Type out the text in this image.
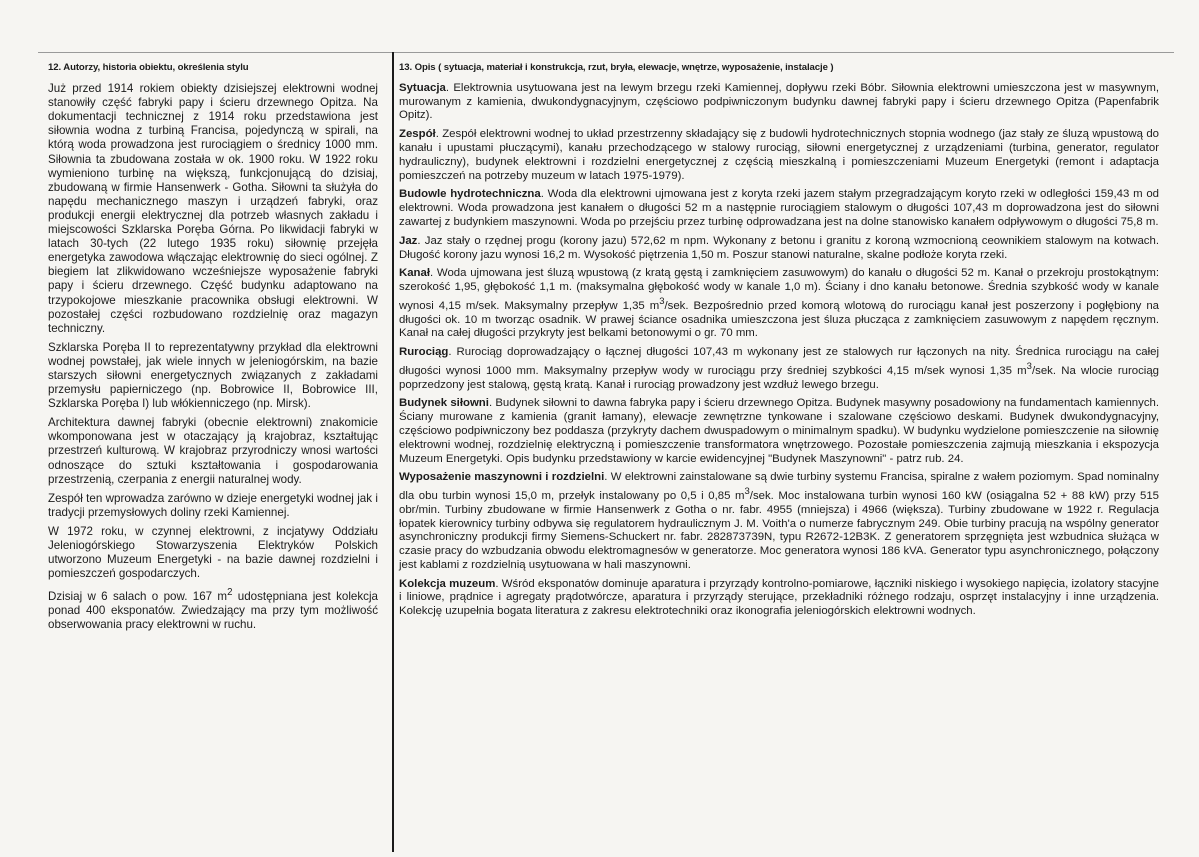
12. Autorzy, historia obiektu, określenia stylu

Już przed 1914 rokiem obiekty dzisiejszej elektrowni wodnej stanowiły część fabryki papy i ścieru drzewnego Opitza. Na dokumentacji technicznej z 1914 roku przedstawiona jest siłownia wodna z turbiną Francisa, pojedynczą w spirali, na którą woda prowadzona jest rurociągiem o średnicy 1000 mm. Siłownia ta zbudowana została w ok. 1900 roku. W 1922 roku wymieniono turbinę na większą, funkcjonującą do dzisiaj, zbudowaną w firmie Hansenwerk - Gotha. Siłowni ta służyła do napędu mechanicznego maszyn i urządzeń fabryki, oraz produkcji energii elektrycznej dla potrzeb własnych zakładu i miejscowości Szklarska Poręba Górna. Po likwidacji fabryki w latach 30-tych (22 lutego 1935 roku) siłownię przejęła energetyka zawodowa włączając elektrownię do sieci ogólnej. Z biegiem lat zlikwidowano wcześniejsze wyposażenie fabryki papy i ścieru drzewnego. Część budynku adaptowano na trzypokojowe mieszkanie pracownika obsługi elektrowni. W pozostałej części rozbudowano rozdzielnię oraz magazyn techniczny.

Szklarska Poręba II to reprezentatywny przykład dla elektrowni wodnej powstałej, jak wiele innych w jeleniogórskim, na bazie starszych siłowni energetycznych związanych z zakładami przemysłu papierniczego (np. Bobrowice II, Bobrowice III, Szklarska Poręba I) lub włókienniczego (np. Mirsk).

Architektura dawnej fabryki (obecnie elektrowni) znakomicie wkomponowana jest w otaczający ją krajobraz, kształtując przestrzeń kulturową. W krajobraz przyrodniczy wnosi wartości odnoszące do sztuki kształtowania i gospodarowania przestrzenią, czerpania z energii naturalnej wody.

Zespół ten wprowadza zarówno w dzieje energetyki wodnej jak i tradycji przemysłowych doliny rzeki Kamiennej.

W 1972 roku, w czynnej elektrowni, z incjatywy Oddziału Jeleniogórskiego Stowarzyszenia Elektryków Polskich utworzono Muzeum Energetyki - na bazie dawnej rozdzielni i pomieszczeń gospodarczych.

Dzisiaj w 6 salach o pow. 167 $m^2$ udostępniana jest kolekcja ponad 400 eksponatów. Zwiedzający ma przy tym możliwość obserwowania pracy elektrowni w ruchu.

13. Opis ( sytuacja, materiał i konstrukcja, rzut, bryła, elewacje, wnętrze, wyposażenie, instalacje )

Sytuacja. Elektrownia usytuowana jest na lewym brzegu rzeki Kamiennej, dopływu rzeki Bóbr. Siłownia elektrowni umieszczona jest w masywnym, murowanym z kamienia, dwukondygnacyjnym, częściowo podpiwniczonym budynku dawnej fabryki papy i ścieru drzewnego Opitza (Papenfabrik Opitz).

Zespół. Zespół elektrowni wodnej to układ przestrzenny składający się z budowli hydrotechnicznych stopnia wodnego (jaz stały ze śluzą wpustową do kanału i upustami płuczącymi), kanału przechodzącego w stalowy rurociąg, siłowni energetycznej z urządzeniami (turbina, generator, regulator hydrauliczny), budynek elektrowni i rozdzielni energetycznej z częścią mieszkalną i pomieszczeniami Muzeum Energetyki (remont i adaptacja pomieszczeń na potrzeby muzeum w latach 1975-1979).

Budowle hydrotechniczna. Woda dla elektrowni ujmowana jest z koryta rzeki jazem stałym przegradzającym koryto rzeki w odległości 159,43 m od elektrowni. Woda prowadzona jest kanałem o długości 52 m a następnie rurociągiem stalowym o długości 107,43 m doprowadzona jest do siłowni zawartej z budynkiem maszynowni. Woda po przejściu przez turbinę odprowadzana jest na dolne stanowisko kanałem odpływowym o długości 75,8 m.

Jaz. Jaz stały o rzędnej progu (korony jazu) 572,62 m npm. Wykonany z betonu i granitu z koroną wzmocnioną ceownikiem stalowym na kotwach. Długość korony jazu wynosi 16,2 m. Wysokość piętrzenia 1,50 m. Poszur stanowi naturalne, skalne podłoże koryta rzeki.

Kanał. Woda ujmowana jest śluzą wpustową (z kratą gęstą i zamknięciem zasuwowym) do kanału o długości 52 m. Kanał o przekroju prostokątnym: szerokość 1,95, głębokość 1,1 m. (maksymalna głębokość wody w kanale 1,0 m). Ściany i dno kanału betonowe. Średnia szybkość wody w kanale wynosi 4,15 m/sek. Maksymalny przepływ 1,35 $m^3$/sek. Bezpośrednio przed komorą wlotową do rurociągu kanał jest poszerzony i pogłębiony na długości ok. 10 m tworząc osadnik. W prawej ściance osadnika umieszczona jest śluza płucząca z zamknięciem zasuwowym z napędem ręcznym. Kanał na całej długości przykryty jest belkami betonowymi o gr. 70 mm.

Rurociąg. Rurociąg doprowadzający o łącznej długości 107,43 m wykonany jest ze stalowych rur łączonych na nity. Średnica rurociągu na całej długości wynosi 1000 mm. Maksymalny przepływ wody w rurociągu przy średniej szybkości 4,15 m/sek wynosi 1,35 $m^3$/sek. Na wlocie rurociąg poprzedzony jest stalową, gęstą kratą. Kanał i rurociąg prowadzony jest wzdłuż lewego brzegu.

Budynek siłowni. Budynek siłowni to dawna fabryka papy i ścieru drzewnego Opitza. Budynek masywny posadowiony na fundamentach kamiennych. Ściany murowane z kamienia (granit łamany), elewacje zewnętrzne tynkowane i szalowane częściowo deskami. Budynek dwukondygnacyjny, częściowo podpiwniczony bez poddasza (przykryty dachem dwuspadowym o minimalnym spadku). W budynku wydzielone pomieszczenie na siłownię elektrowni wodnej, rozdzielnię elektryczną i pomieszczenie transformatora wnętrzowego. Pozostałe pomieszczenia zajmują mieszkania i ekspozycja Muzeum Energetyki. Opis budynku przedstawiony w karcie ewidencyjnej "Budynek Maszynowni" - patrz rub. 24.

Wyposażenie maszynowni i rozdzielni. W elektrowni zainstalowane są dwie turbiny systemu Francisa, spiralne z wałem poziomym. Spad nominalny dla obu turbin wynosi 15,0 m, przełyk instalowany po 0,5 i 0,85 $m^3$/sek. Moc instalowana turbin wynosi 160 kW (osiągalna 52 + 88 kW) przy 515 obr/min. Turbiny zbudowane w firmie Hansenwerk z Gotha o nr. fabr. 4955 (mniejsza) i 4966 (większa). Turbiny zbudowane w 1922 r. Regulacja łopatek kierownicy turbiny odbywa się regulatorem hydraulicznym J. M. Voith'a o numerze fabrycznym 249. Obie turbiny pracują na wspólny generator asynchroniczny produkcji firmy Siemens-Schuckert nr. fabr. 282873739N, typu R2672-12B3K. Z generatorem sprzęgnięta jest wzbudnica służąca w czasie pracy do wzbudzania obwodu elektromagnesów w generatorze. Moc generatora wynosi 186 kVA. Generator typu asynchronicznego, połączony jest kablami z rozdzielnią usytuowana w hali maszynowni.

Kolekcja muzeum. Wśród eksponatów dominuje aparatura i przyrządy kontrolno-pomiarowe, łączniki niskiego i wysokiego napięcia, izolatory stacyjne i liniowe, prądnice i agregaty prądotwórcze, aparatura i przyrządy sterujące, przekładniki różnego rodzaju, osprzęt instalacyjny i inne urządzenia. Kolekcję uzupełnia bogata literatura z zakresu elektrotechniki oraz ikonografia jeleniogórskich elektrowni wodnych.
